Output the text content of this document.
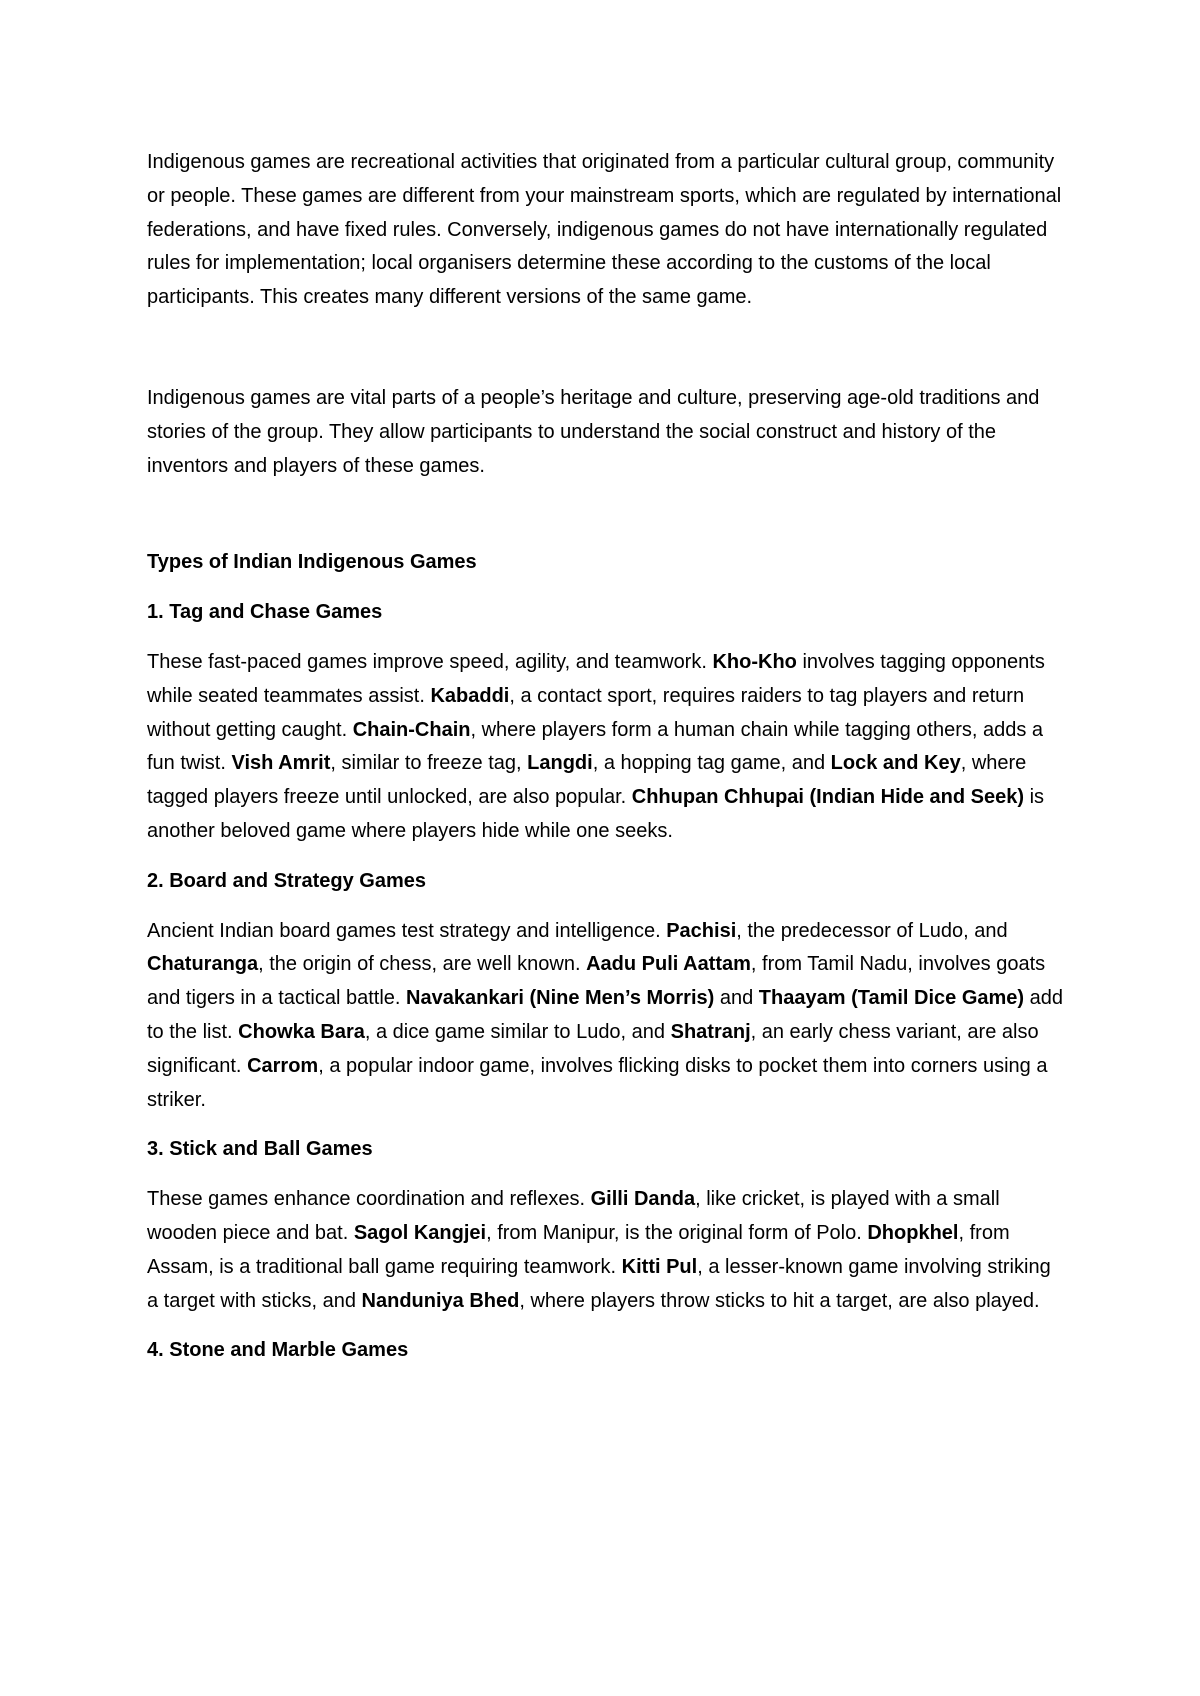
Indigenous games are recreational activities that originated from a particular cultural group, community or people. These games are different from your mainstream sports, which are regulated by international federations, and have fixed rules. Conversely, indigenous games do not have internationally regulated rules for implementation; local organisers determine these according to the customs of the local participants. This creates many different versions of the same game.

Indigenous games are vital parts of a people’s heritage and culture, preserving age-old traditions and stories of the group. They allow participants to understand the social construct and history of the inventors and players of these games.

Types of Indian Indigenous Games

1. Tag and Chase Games

These fast-paced games improve speed, agility, and teamwork. Kho-Kho involves tagging opponents while seated teammates assist. Kabaddi, a contact sport, requires raiders to tag players and return without getting caught. Chain-Chain, where players form a human chain while tagging others, adds a fun twist. Vish Amrit, similar to freeze tag, Langdi, a hopping tag game, and Lock and Key, where tagged players freeze until unlocked, are also popular. Chhupan Chhupai (Indian Hide and Seek) is another beloved game where players hide while one seeks.

2. Board and Strategy Games

Ancient Indian board games test strategy and intelligence. Pachisi, the predecessor of Ludo, and Chaturanga, the origin of chess, are well known. Aadu Puli Aattam, from Tamil Nadu, involves goats and tigers in a tactical battle. Navakankari (Nine Men’s Morris) and Thaayam (Tamil Dice Game) add to the list. Chowka Bara, a dice game similar to Ludo, and Shatranj, an early chess variant, are also significant. Carrom, a popular indoor game, involves flicking disks to pocket them into corners using a striker.

3. Stick and Ball Games

These games enhance coordination and reflexes. Gilli Danda, like cricket, is played with a small wooden piece and bat. Sagol Kangjei, from Manipur, is the original form of Polo. Dhopkhel, from Assam, is a traditional ball game requiring teamwork. Kitti Pul, a lesser-known game involving striking a target with sticks, and Nanduniya Bhed, where players throw sticks to hit a target, are also played.

4. Stone and Marble Games
